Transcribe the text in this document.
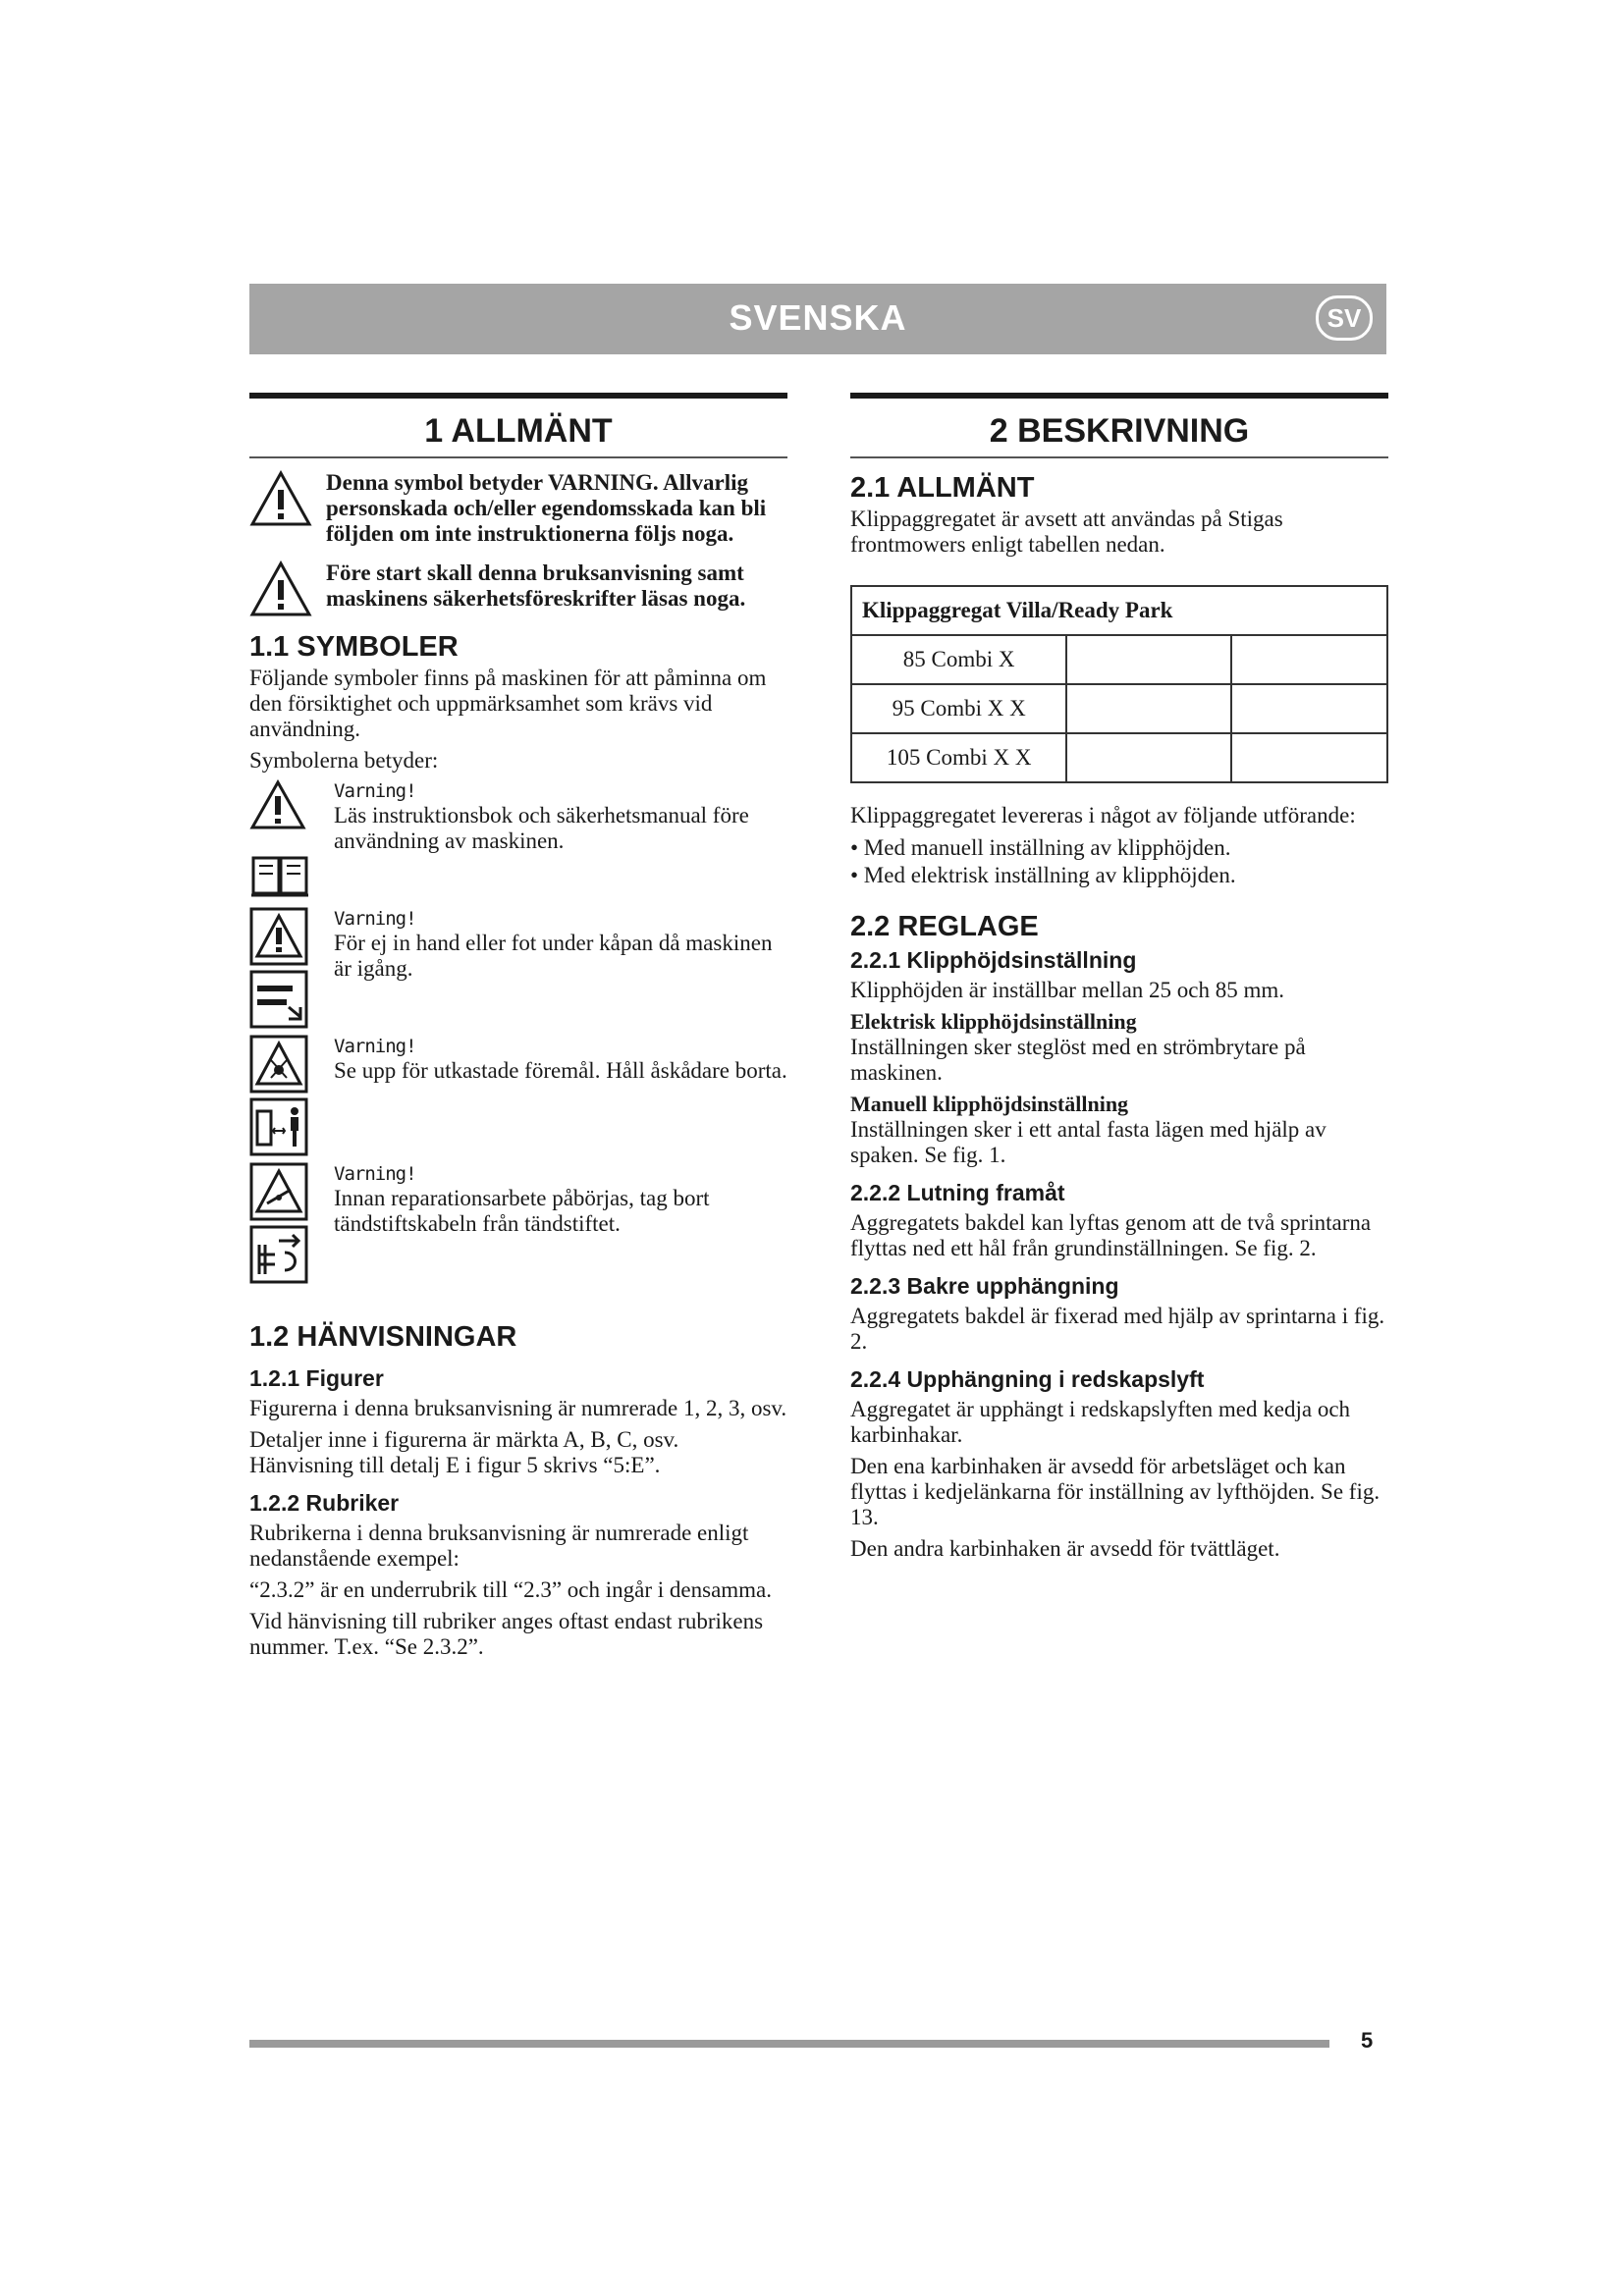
SVENSKA	SV
1 ALLMÄNT

Denna symbol betyder VARNING. Allvarlig personskada och/eller egendomsskada kan bli följden om inte instruktionerna följs noga.

Före start skall denna bruksanvisning samt maskinens säkerhetsföreskrifter läsas noga.

1.1 SYMBOLER

Följande symboler finns på maskinen för att påminna om den försiktighet och uppmärksamhet som krävs vid användning.

Symbolerna betyder:

Varning!

Läs instruktionsbok och säkerhetsmanual före användning av maskinen.

Varning!

För ej in hand eller fot under kåpan då maskinen är igång.

Varning!

Se upp för utkastade föremål. Håll åskådare borta.

Varning!

Innan reparationsarbete påbörjas, tag bort tändstiftskabeln från tändstiftet.

1.2 HÄNVISNINGAR
1.2.1 Figurer

Figurerna i denna bruksanvisning är numrerade 1, 2, 3, osv.

Detaljer inne i figurerna är märkta A, B, C, osv. Hänvisning till detalj E i figur 5 skrivs “5:E”.

1.2.2 Rubriker

Rubrikerna i denna bruksanvisning är numrerade enligt nedanstående exempel:

“2.3.2” är en underrubrik till “2.3” och ingår i densamma.

Vid hänvisning till rubriker anges oftast endast rubrikens nummer. T.ex. “Se 2.3.2”.

2 BESKRIVNING
2.1 ALLMÄNT

Klippaggregatet är avsett att användas på Stigas frontmowers enligt tabellen nedan.

Klippaggregat Villa/Ready Park		
85 Combi X		
95 Combi X X		
105 Combi X X		

Klippaggregatet levereras i något av följande utförande:

• Med manuell inställning av klipphöjden.

• Med elektrisk inställning av klipphöjden.

2.2 REGLAGE
2.2.1 Klipphöjdsinställning

Klipphöjden är inställbar mellan 25 och 85 mm.

Elektrisk klipphöjdsinställning

Inställningen sker steglöst med en strömbrytare på maskinen.

Manuell klipphöjdsinställning

Inställningen sker i ett antal fasta lägen med hjälp av spaken. Se fig. 1.

2.2.2 Lutning framåt

Aggregatets bakdel kan lyftas genom att de två sprintarna flyttas ned ett hål från grundinställningen. Se fig. 2.

2.2.3 Bakre upphängning

Aggregatets bakdel är fixerad med hjälp av sprintarna i fig. 2.

2.2.4 Upphängning i redskapslyft

Aggregatet är upphängt i redskapslyften med kedja och karbinhakar.

Den ena karbinhaken är avsedd för arbetsläget och kan flyttas i kedjelänkarna för inställning av lyfthöjden. Se fig. 13.

Den andra karbinhaken är avsedd för tvättläget.

5
